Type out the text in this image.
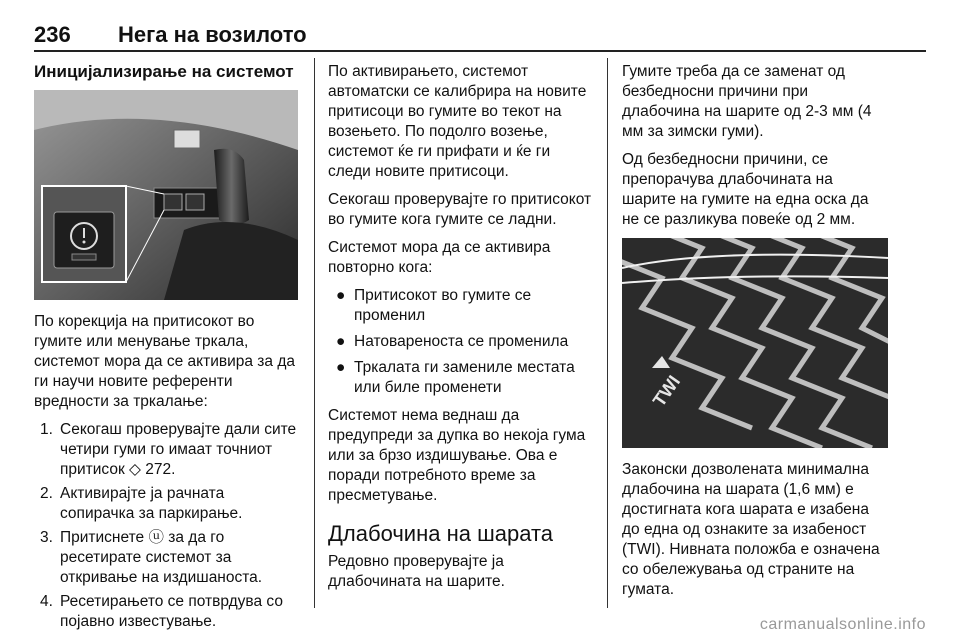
236 Нега на возилото
Иницијализирање на системот

По корекција на притисокот во гумите или менување тркала, системот мора да се активира за да ги научи новите референти вредности за тркалање:

1. Секогаш проверувајте дали сите четири гуми го имаат точниот притисок ◇ 272.
2. Активирајте ја рачната сопирачка за паркирање.
3. Притиснете ⓤ за да го ресетирате системот за откривање на издишаноста.
4. Ресетирањето се потврдува со појавно известување.

По активирањето, системот автоматски се калибрира на новите притисоци во гумите во текот на возењето. По подолго возење, системот ќе ги прифати и ќе ги следи новите притисоци.

Секогаш проверувајте го притисокот во гумите кога гумите се ладни.

Системот мора да се активира повторно кога:

● Притисокот во гумите се променил
● Натовареноста се променила
● Тркалата ги замениле местата или биле променети

Системот нема веднаш да предупреди за дупка во некоја гума или за брзо издишување. Ова е поради потребното време за пресметување.

Длабочина на шарата

Редовно проверувајте ја длабочината на шарите.

Гумите треба да се заменат од безбедносни причини при длабочина на шарите од 2-3 мм (4 мм за зимски гуми).

Од безбедносни причини, се препорачува длабочината на шарите на гумите на една оска да не се разликува повеќе од 2 мм.

TWI

Законски дозволената минимална длабочина на шарата (1,6 мм) е достигната кога шарата е изабена до една од ознаките за изабеност (TWI). Нивната положба е означена со обележувања од страните на гумата.

carmanualsonline.info
